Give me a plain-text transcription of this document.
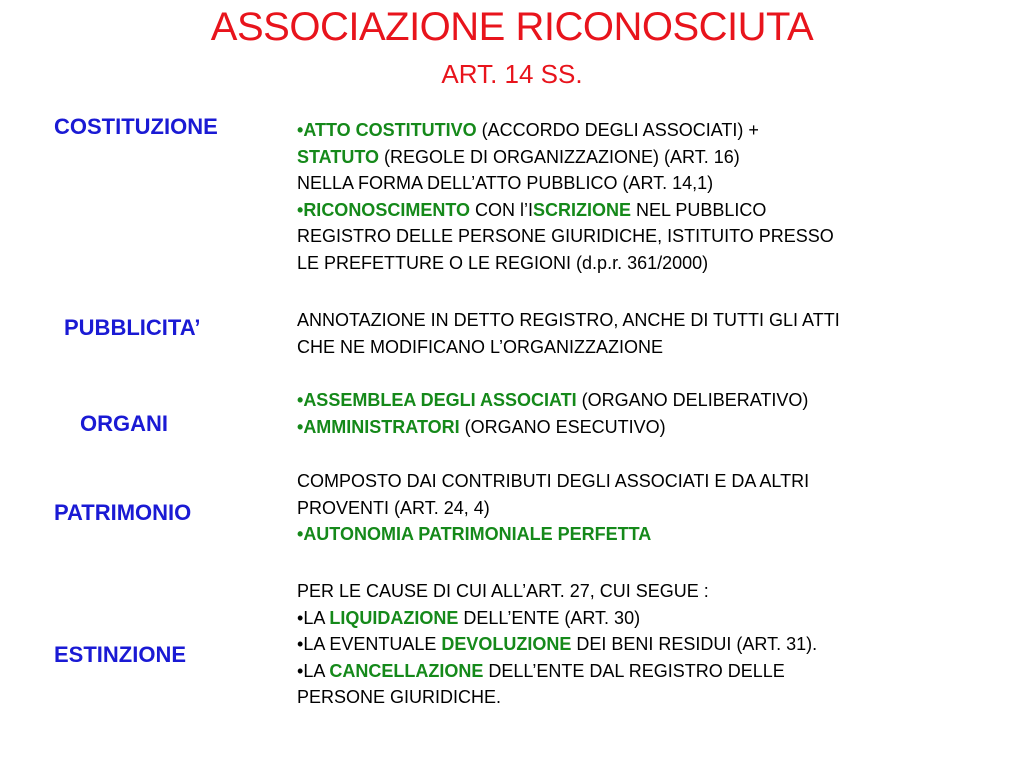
ASSOCIAZIONE RICONOSCIUTA
ART. 14 SS.
COSTITUZIONE
PUBBLICITA’
ORGANI
PATRIMONIO
ESTINZIONE
•ATTO COSTITUTIVO (ACCORDO DEGLI ASSOCIATI) +
STATUTO (REGOLE DI ORGANIZZAZIONE) (ART. 16)
NELLA FORMA DELL’ATTO PUBBLICO (ART. 14,1)
•RICONOSCIMENTO CON l’ISCRIZIONE NEL PUBBLICO
REGISTRO DELLE PERSONE GIURIDICHE, ISTITUITO PRESSO
LE PREFETTURE O LE REGIONI (d.p.r. 361/2000)
ANNOTAZIONE IN DETTO REGISTRO, ANCHE DI TUTTI GLI ATTI
CHE NE MODIFICANO L’ORGANIZZAZIONE
•ASSEMBLEA DEGLI ASSOCIATI (ORGANO DELIBERATIVO)
•AMMINISTRATORI (ORGANO ESECUTIVO)
COMPOSTO DAI CONTRIBUTI DEGLI ASSOCIATI E DA ALTRI
PROVENTI (ART. 24, 4)
•AUTONOMIA PATRIMONIALE PERFETTA
PER LE CAUSE DI CUI ALL’ART. 27, CUI SEGUE :
•LA LIQUIDAZIONE DELL’ENTE (ART. 30)
•LA EVENTUALE DEVOLUZIONE DEI BENI RESIDUI (ART. 31).
•LA CANCELLAZIONE DELL’ENTE DAL REGISTRO DELLE
PERSONE GIURIDICHE.
